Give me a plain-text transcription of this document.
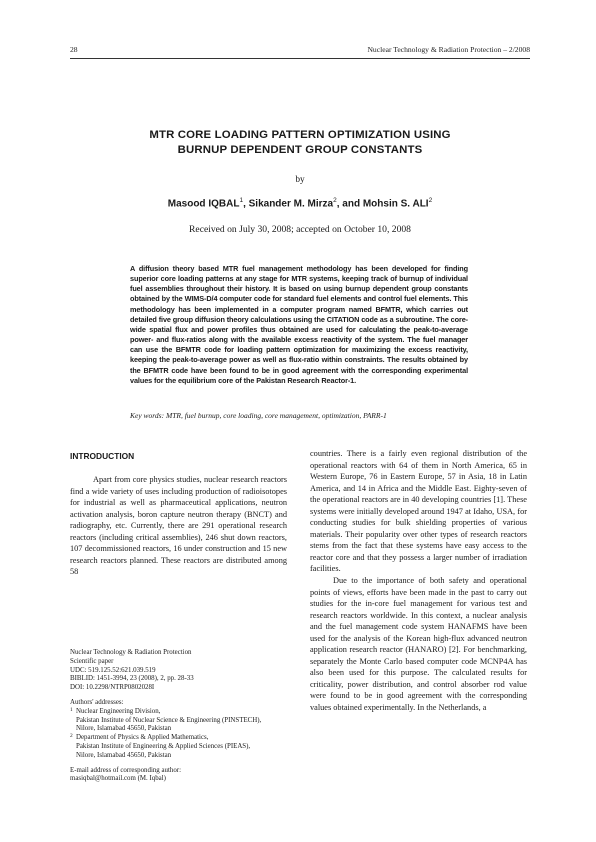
28	Nuclear Technology & Radiation Protection – 2/2008
MTR CORE LOADING PATTERN OPTIMIZATION USING
BURNUP DEPENDENT GROUP CONSTANTS
by
Masood IQBAL$^1$, Sikander M. Mirza$^2$, and Mohsin S. ALI$^2$
Received on July 30, 2008; accepted on October 10, 2008
A diffusion theory based MTR fuel management methodology has been developed for finding superior core loading patterns at any stage for MTR systems, keeping track of burnup of individual fuel assemblies throughout their history. It is based on using burnup dependent group constants obtained by the WIMS-D/4 computer code for standard fuel elements and control fuel elements. This methodology has been implemented in a computer program named BFMTR, which carries out detailed five group diffusion theory calculations using the CITATION code as a subroutine. The core-wide spatial flux and power profiles thus obtained are used for calculating the peak-to-average power- and flux-ratios along with the available excess reactivity of the system. The fuel manager can use the BFMTR code for loading pattern optimization for maximizing the excess reactivity, keeping the peak-to-average power as well as flux-ratio within constraints. The results obtained by the BFMTR code have been found to be in good agreement with the corresponding experimental values for the equilibrium core of the Pakistan Research Reactor-1.
Key words: MTR, fuel burnup, core loading, core management, optimization, PARR-1
INTRODUCTION

Apart from core physics studies, nuclear research reactors find a wide variety of uses including production of radioisotopes for industrial as well as pharmaceutical applications, neutron activation analysis, boron capture neutron therapy (BNCT) and radiography, etc. Currently, there are 291 operational research reactors (including critical assemblies), 246 shut down reactors, 107 decommissioned reactors, 16 under construction and 15 new research reactors planned. These reactors are distributed among 58

countries. There is a fairly even regional distribution of the operational reactors with 64 of them in North America, 65 in Western Europe, 76 in Eastern Europe, 57 in Asia, 18 in Latin America, and 14 in Africa and the Middle East. Eighty-seven of the operational reactors are in 40 developing countries [1]. These systems were initially developed around 1947 at Idaho, USA, for conducting studies for bulk shielding properties of various materials. Their popularity over other types of research reactors stems from the fact that these systems have easy access to the reactor core and that they possess a larger number of irradiation facilities.

Due to the importance of both safety and operational points of views, efforts have been made in the past to carry out studies for the in-core fuel management for various test and research reactors worldwide. In this context, a nuclear analysis and the fuel management code system HANAFMS have been used for the analysis of the Korean high-flux advanced neutron application research reactor (HANARO) [2]. For benchmarking, separately the Monte Carlo based computer code MCNP4A has also been used for this purpose. The calculated results for criticality, power distribution, and control absorber rod value were found to be in good agreement with the corresponding values obtained experimentally. In the Netherlands, a

Nuclear Technology & Radiation Protection
Scientific paper
UDC: 519.125.52:621.039.519
BIBLID: 1451-3994, 23 (2008), 2, pp. 28-33
DOI: 10.2298/NTRP0802028I
Authors' addresses:
1 Nuclear Engineering Division,
Pakistan Institute of Nuclear Science & Engineering (PINSTECH),
Nilore, Islamabad 45650, Pakistan
2 Department of Physics & Applied Mathematics,
Pakistan Institute of Engineering & Applied Sciences (PIEAS),
Nilore, Islamabad 45650, Pakistan
E-mail address of corresponding author:
masiqbal@hotmail.com (M. Iqbal)
